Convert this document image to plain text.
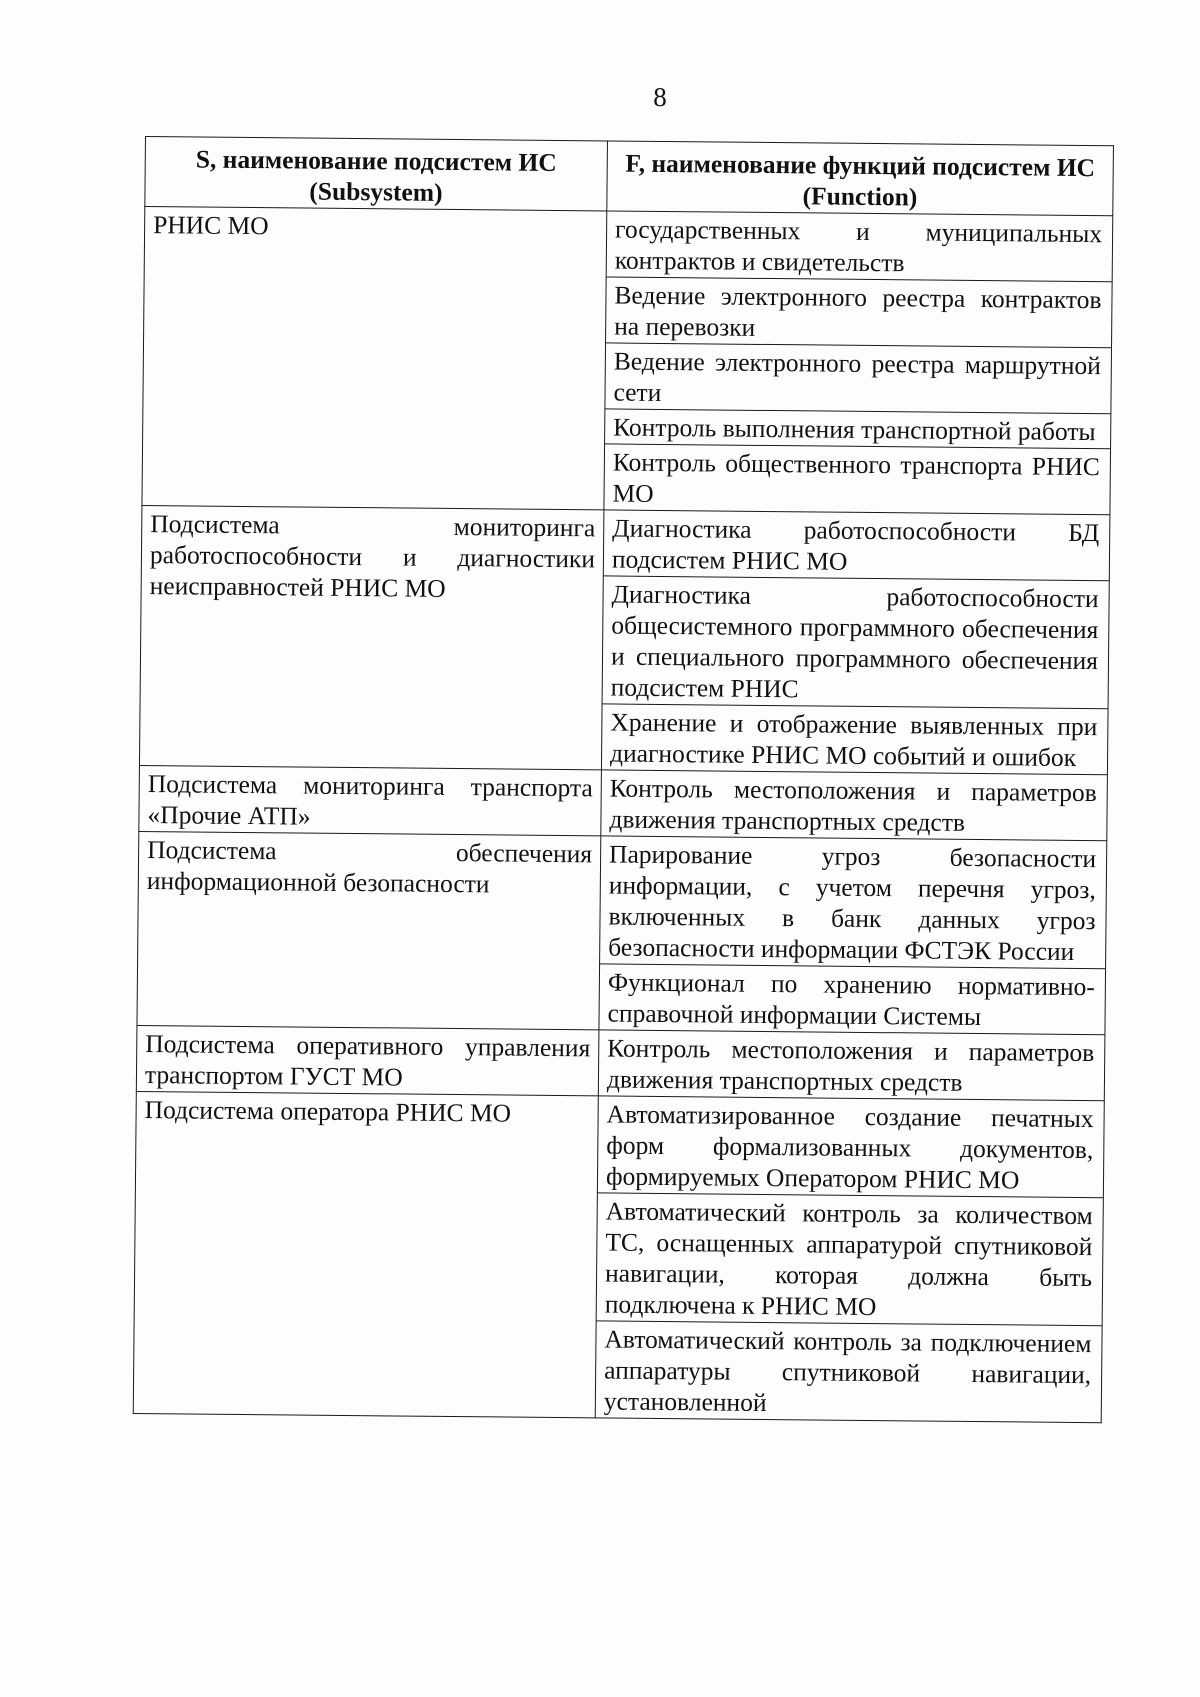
8
S, наименование подсистем ИС (Subsystem)	F, наименование функций подсистем ИС (Function)
РНИС МО	государственных и муниципальных контрактов и свидетельств
	Ведение электронного реестра контрактов на перевозки
	Ведение электронного реестра маршрутной сети
	Контроль выполнения транспортной работы
	Контроль общественного транспорта РНИС МО
Подсистема мониторинга работоспособности и диагностики неисправностей РНИС МО	Диагностика работоспособности БД подсистем РНИС МО
	Диагностика работоспособности общесистемного программного обеспечения и специального программного обеспечения подсистем РНИС
	Хранение и отображение выявленных при диагностике РНИС МО событий и ошибок
Подсистема мониторинга транспорта «Прочие АТП»	Контроль местоположения и параметров движения транспортных средств
Подсистема обеспечения информационной безопасности	Парирование угроз безопасности информации, с учетом перечня угроз, включенных в банк данных угроз безопасности информации ФСТЭК России
	Функционал по хранению нормативно-справочной информации Системы
Подсистема оперативного управления транспортом ГУСТ МО	Контроль местоположения и параметров движения транспортных средств
Подсистема оператора РНИС МО	Автоматизированное создание печатных форм формализованных документов, формируемых Оператором РНИС МО
	Автоматический контроль за количеством ТС, оснащенных аппаратурой спутниковой навигации, которая должна быть подключена к РНИС МО
	Автоматический контроль за подключением аппаратуры спутниковой навигации, установленной
